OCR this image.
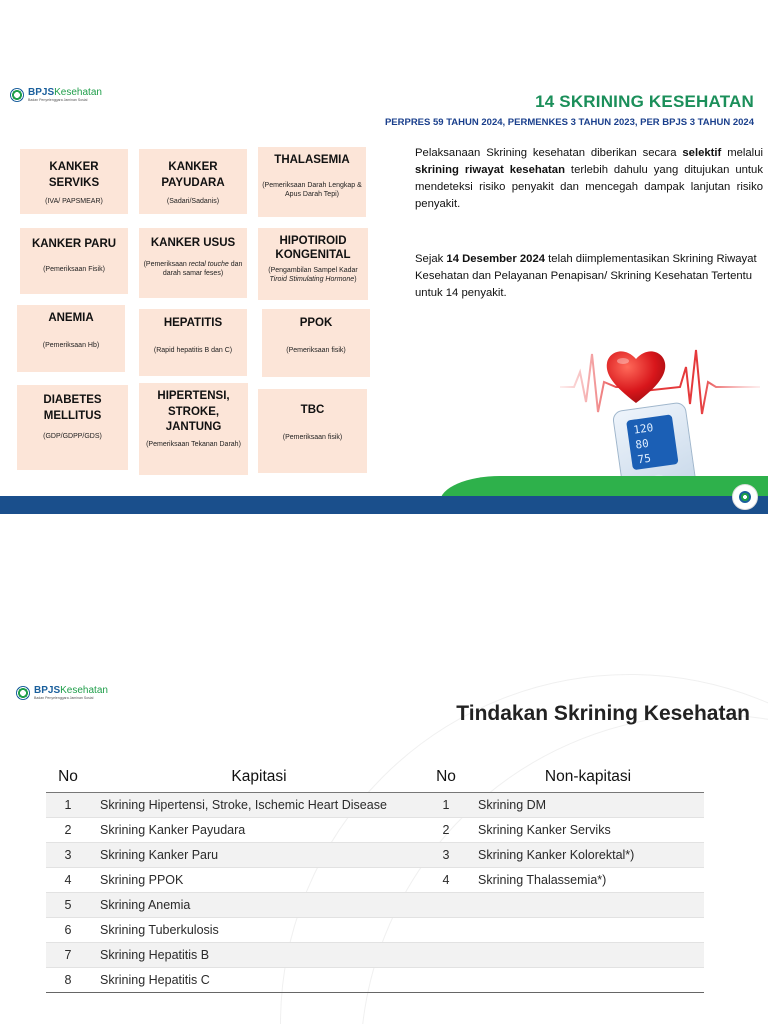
BPJSKesehatan
Badan Penyelenggara Jaminan Sosial	14 SKRINING KESEHATAN
PERPRES 59 TAHUN 2024, PERMENKES 3 TAHUN 2023, PER BPJS 3 TAHUN 2024
KANKER SERVIKS
(IVA/ PAPSMEAR)
KANKER PAYUDARA
(Sadari/Sadanis)
THALASEMIA
(Pemeriksaan Darah Lengkap & Apus Darah Tepi)
KANKER PARU
(Pemeriksaan Fisik)
KANKER USUS
(Pemeriksaan rectal touche dan darah samar feses)
HIPOTIROID KONGENITAL
(Pengambilan Sampel Kadar Tiroid Stimulating Hormone)
ANEMIA
(Pemeriksaan Hb)
HEPATITIS
(Rapid hepatitis B dan C)
PPOK
(Pemeriksaan fisik)
DIABETES MELLITUS
(GDP/GDPP/GDS)
HIPERTENSI, STROKE, JANTUNG
(Pemeriksaan Tekanan Darah)
TBC
(Pemeriksaan fisik)

Pelaksanaan Skrining kesehatan diberikan secara selektif melalui skrining riwayat kesehatan terlebih dahulu yang ditujukan untuk mendeteksi risiko penyakit dan mencegah dampak lanjutan risiko penyakit.

Sejak 14 Desember 2024 telah diimplementasikan Skrining Riwayat Kesehatan dan Pelayanan Penapisan/ Skrining Kesehatan Tertentu untuk 14 penyakit.

120
80
75
BPJSKesehatan
Badan Penyelenggara Jaminan Sosial
Tindakan Skrining Kesehatan
No		Kapitasi	No		Non-kapitasi
1		Skrining Hipertensi, Stroke, Ischemic Heart Disease	1		Skrining DM
2		Skrining Kanker Payudara	2		Skrining Kanker Serviks
3		Skrining Kanker Paru	3		Skrining Kanker Kolorektal*)
4		Skrining PPOK	4		Skrining Thalassemia*)
5		Skrining Anemia			
6		Skrining Tuberkulosis			
7		Skrining Hepatitis B			
8		Skrining Hepatitis C			
